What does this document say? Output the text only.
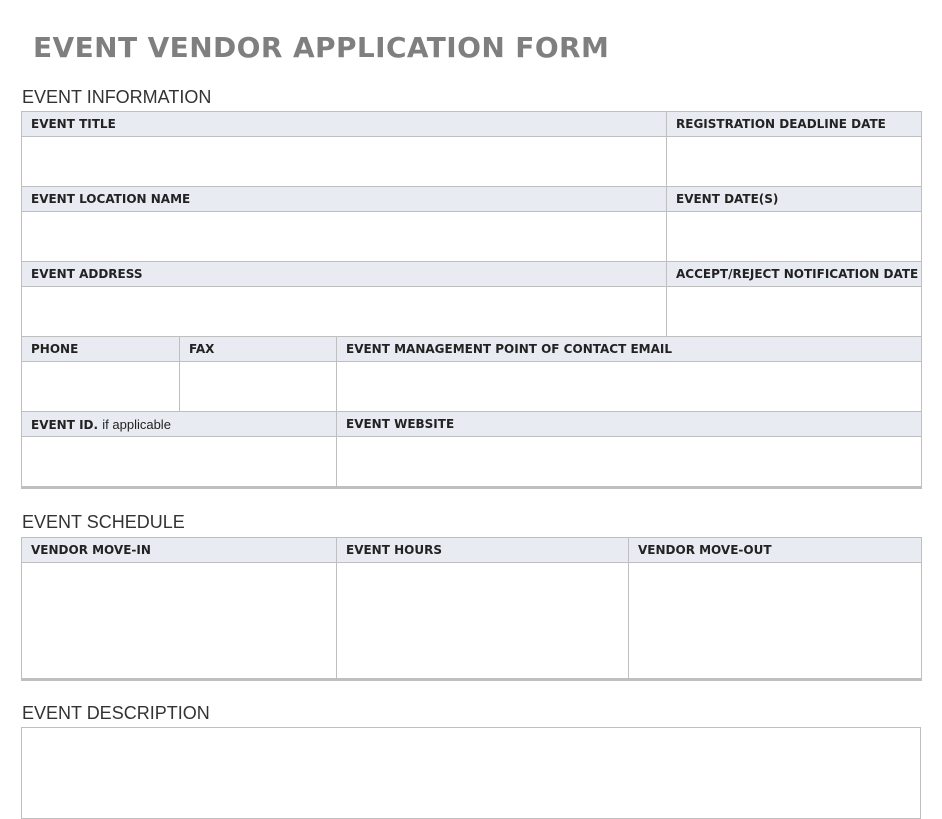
EVENT VENDOR APPLICATION FORM
EVENT INFORMATION
EVENT TITLE			REGISTRATION DEADLINE DATE

EVENT LOCATION NAME			EVENT DATE(S)

EVENT ADDRESS			ACCEPT/REJECT NOTIFICATION DATE

PHONE	FAX	EVENT MANAGEMENT POINT OF CONTACT EMAIL	

EVENT ID. if applicable		EVENT WEBSITE	

EVENT SCHEDULE
VENDOR MOVE-IN	EVENT HOURS	VENDOR MOVE-OUT

EVENT DESCRIPTION
